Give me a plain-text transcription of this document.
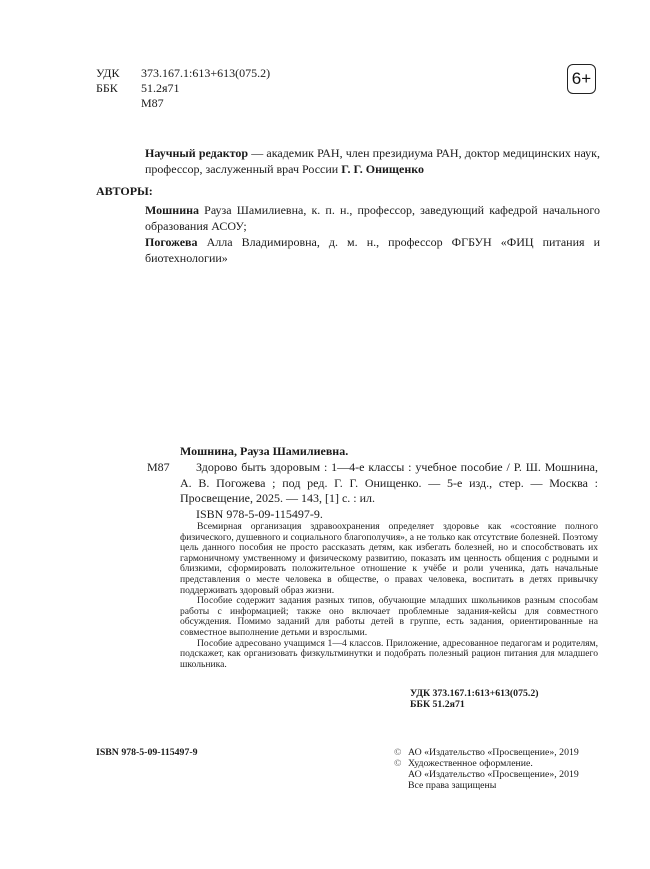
УДК 373.167.1:613+613(075.2)
ББК 51.2я71
М87
6+
Научный редактор — академик РАН, член президиума РАН, доктор медицинских наук, профессор, заслуженный врач России Г. Г. Онищенко
АВТОРЫ:

Мошнина Рауза Шамилиевна, к. п. н., профессор, заведующий кафедрой начального образования АСОУ;

Погожева Алла Владимировна, д. м. н., профессор ФГБУН «ФИЦ питания и биотехнологии»

Мошнина, Рауза Шамилиевна.
М87	Здорово быть здоровым : 1—4-е классы : учебное пособие / Р. Ш. Мошнина, А. В. Погожева ; под ред. Г. Г. Онищенко. — 5-е изд., стер. — Москва : Просвещение, 2025. — 143, [1] с. : ил.

ISBN 978-5-09-115497-9.

Всемирная организация здравоохранения определяет здоровье как «состояние полного физического, душевного и социального благополучия», а не только как отсутствие болезней. Поэтому цель данного пособия не просто рассказать детям, как избегать болезней, но и способствовать их гармоничному умственному и физическому развитию, показать им ценность общения с родными и близкими, сформировать положительное отношение к учёбе и роли ученика, дать начальные представления о месте человека в обществе, о правах человека, воспитать в детях привычку поддерживать здоровый образ жизни.

Пособие содержит задания разных типов, обучающие младших школьников разным способам работы с информацией; также оно включает проблемные задания-кейсы для совместного обсуждения. Помимо заданий для работы детей в группе, есть задания, ориентированные на совместное выполнение детьми и взрослыми.

Пособие адресовано учащимся 1—4 классов. Приложение, адресованное педагогам и родителям, подскажет, как организовать физкультминутки и подобрать полезный рацион питания для младшего школьника.

УДК 373.167.1:613+613(075.2)
ББК 51.2я71
ISBN 978-5-09-115497-9	© АО «Издательство «Просвещение», 2019
© Художественное оформление.
АО «Издательство «Просвещение», 2019
Все права защищены
